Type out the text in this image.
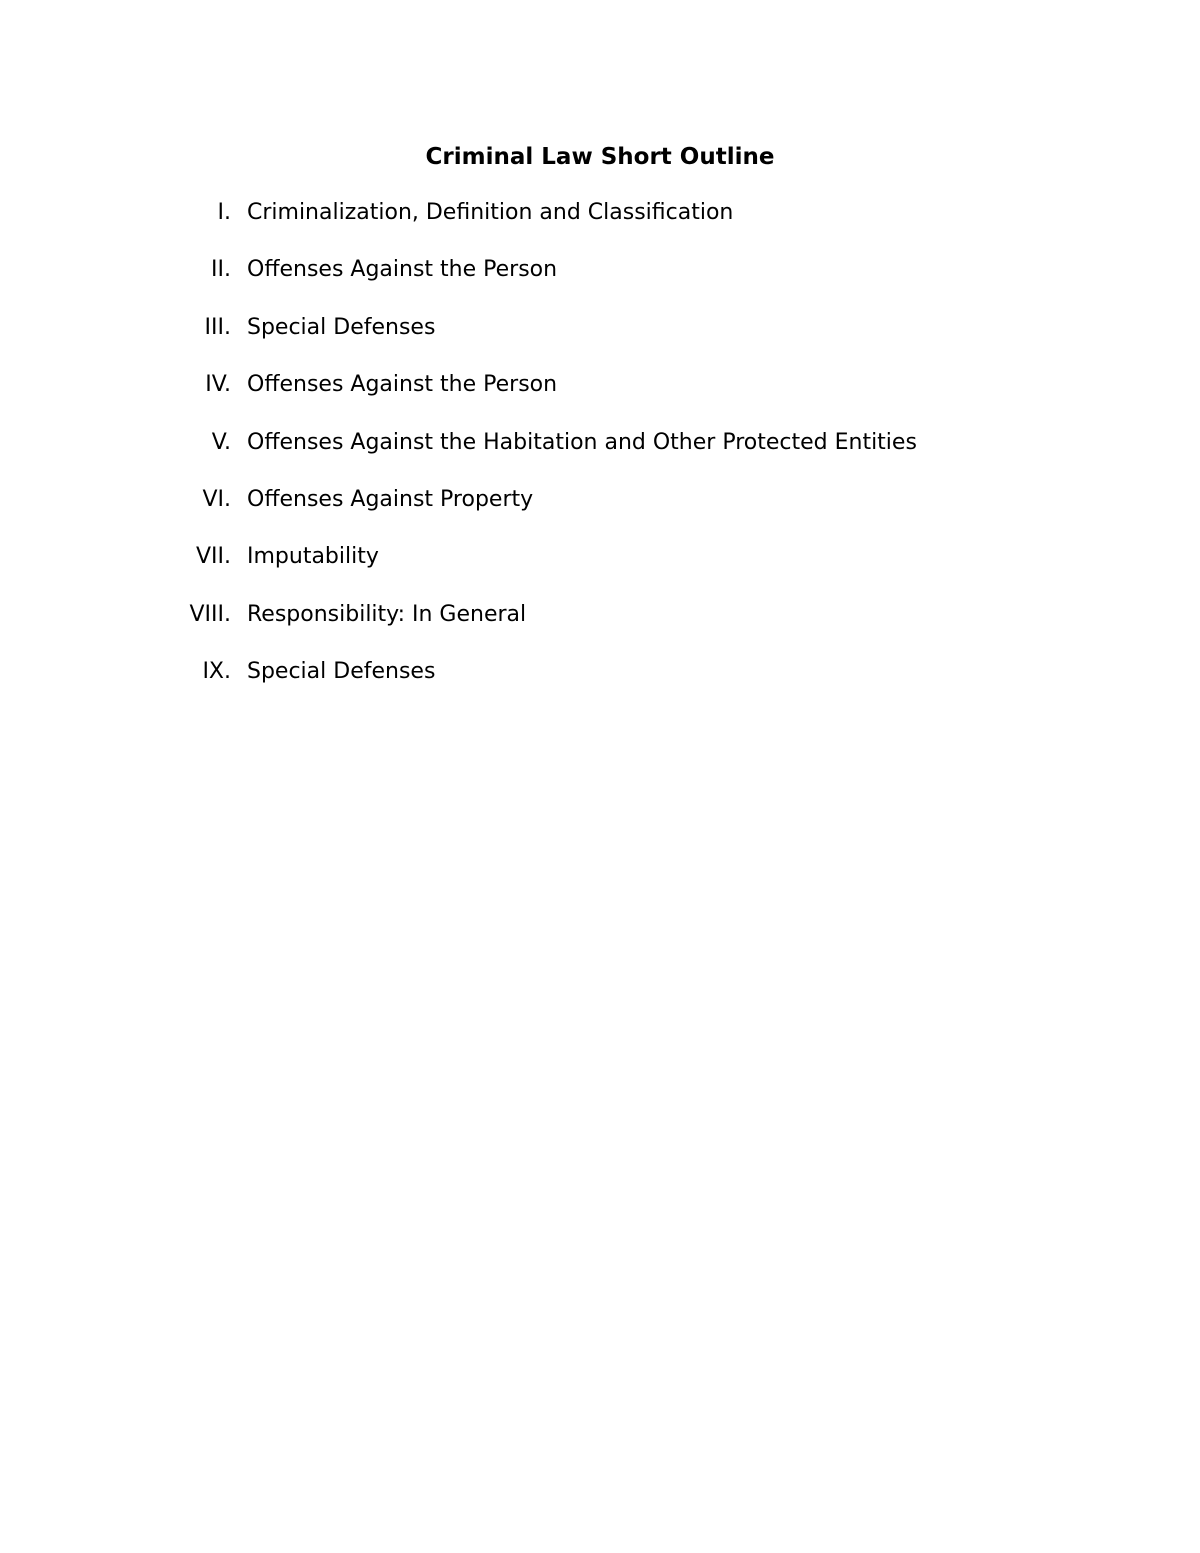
Criminal Law Short Outline
I. Criminalization, Definition and Classification
II. Offenses Against the Person
III. Special Defenses
IV. Offenses Against the Person
V. Offenses Against the Habitation and Other Protected Entities
VI. Offenses Against Property
VII. Imputability
VIII. Responsibility: In General
IX. Special Defenses
